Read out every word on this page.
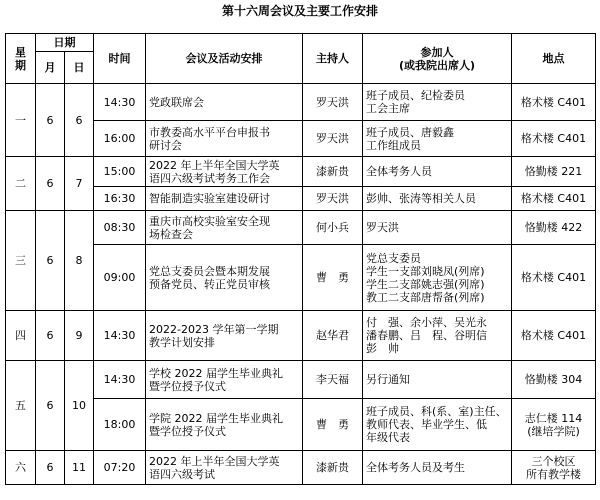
第十六周会议及主要工作安排
星
期	日期		时间	会议及活动安排	主持人	参加人
(或我院出席人)	地点
	月	日					
一	6	6	14:30	党政联席会	罗天洪	班子成员、纪检委员
工会主席	格术楼 C401
			16:00	市教委高水平平台申报书
研讨会	罗天洪	班子成员、唐毅鑫
工作组成员	格术楼 C401
二	6	7	15:00	2022 年上半年全国大学英
语四六级考试考务工作会	漆新贵	全体考务人员	恪勤楼 221
			16:30	智能制造实验室建设研讨	罗天洪	彭帅、张涛等相关人员	格术楼 C401
三	6	8	08:30	重庆市高校实验室安全现
场检查会	何小兵	罗天洪	恪勤楼 422
			09:00	党总支委员会暨本期发展
预备党员、转正党员审核	曹　勇	党总支委员
学生一支部刘晓凤(列席)
学生二支部姚志强(列席)
教工二支部唐帮备(列席)	格术楼 C401
四	6	9	14:30	2022-2023 学年第一学期
教学计划安排	赵华君	付　强、余小萍、吴光永
潘春鹏、吕　程、谷明信
彭　帅	格术楼 C401
五	6	10	14:30	学校 2022 届学生毕业典礼
暨学位授予仪式	李天福	另行通知	恪勤楼 304
			18:00	学院 2022 届学生毕业典礼
暨学位授予仪式	曹　勇	班子成员、科(系、室)主任、
教师代表、毕业学生、低
年级代表	志仁楼 114
(继培学院)
六	6	11	07:20	2022 年上半年全国大学英
语四六级考试	漆新贵	全体考务人员及考生	三个校区
所有教学楼
